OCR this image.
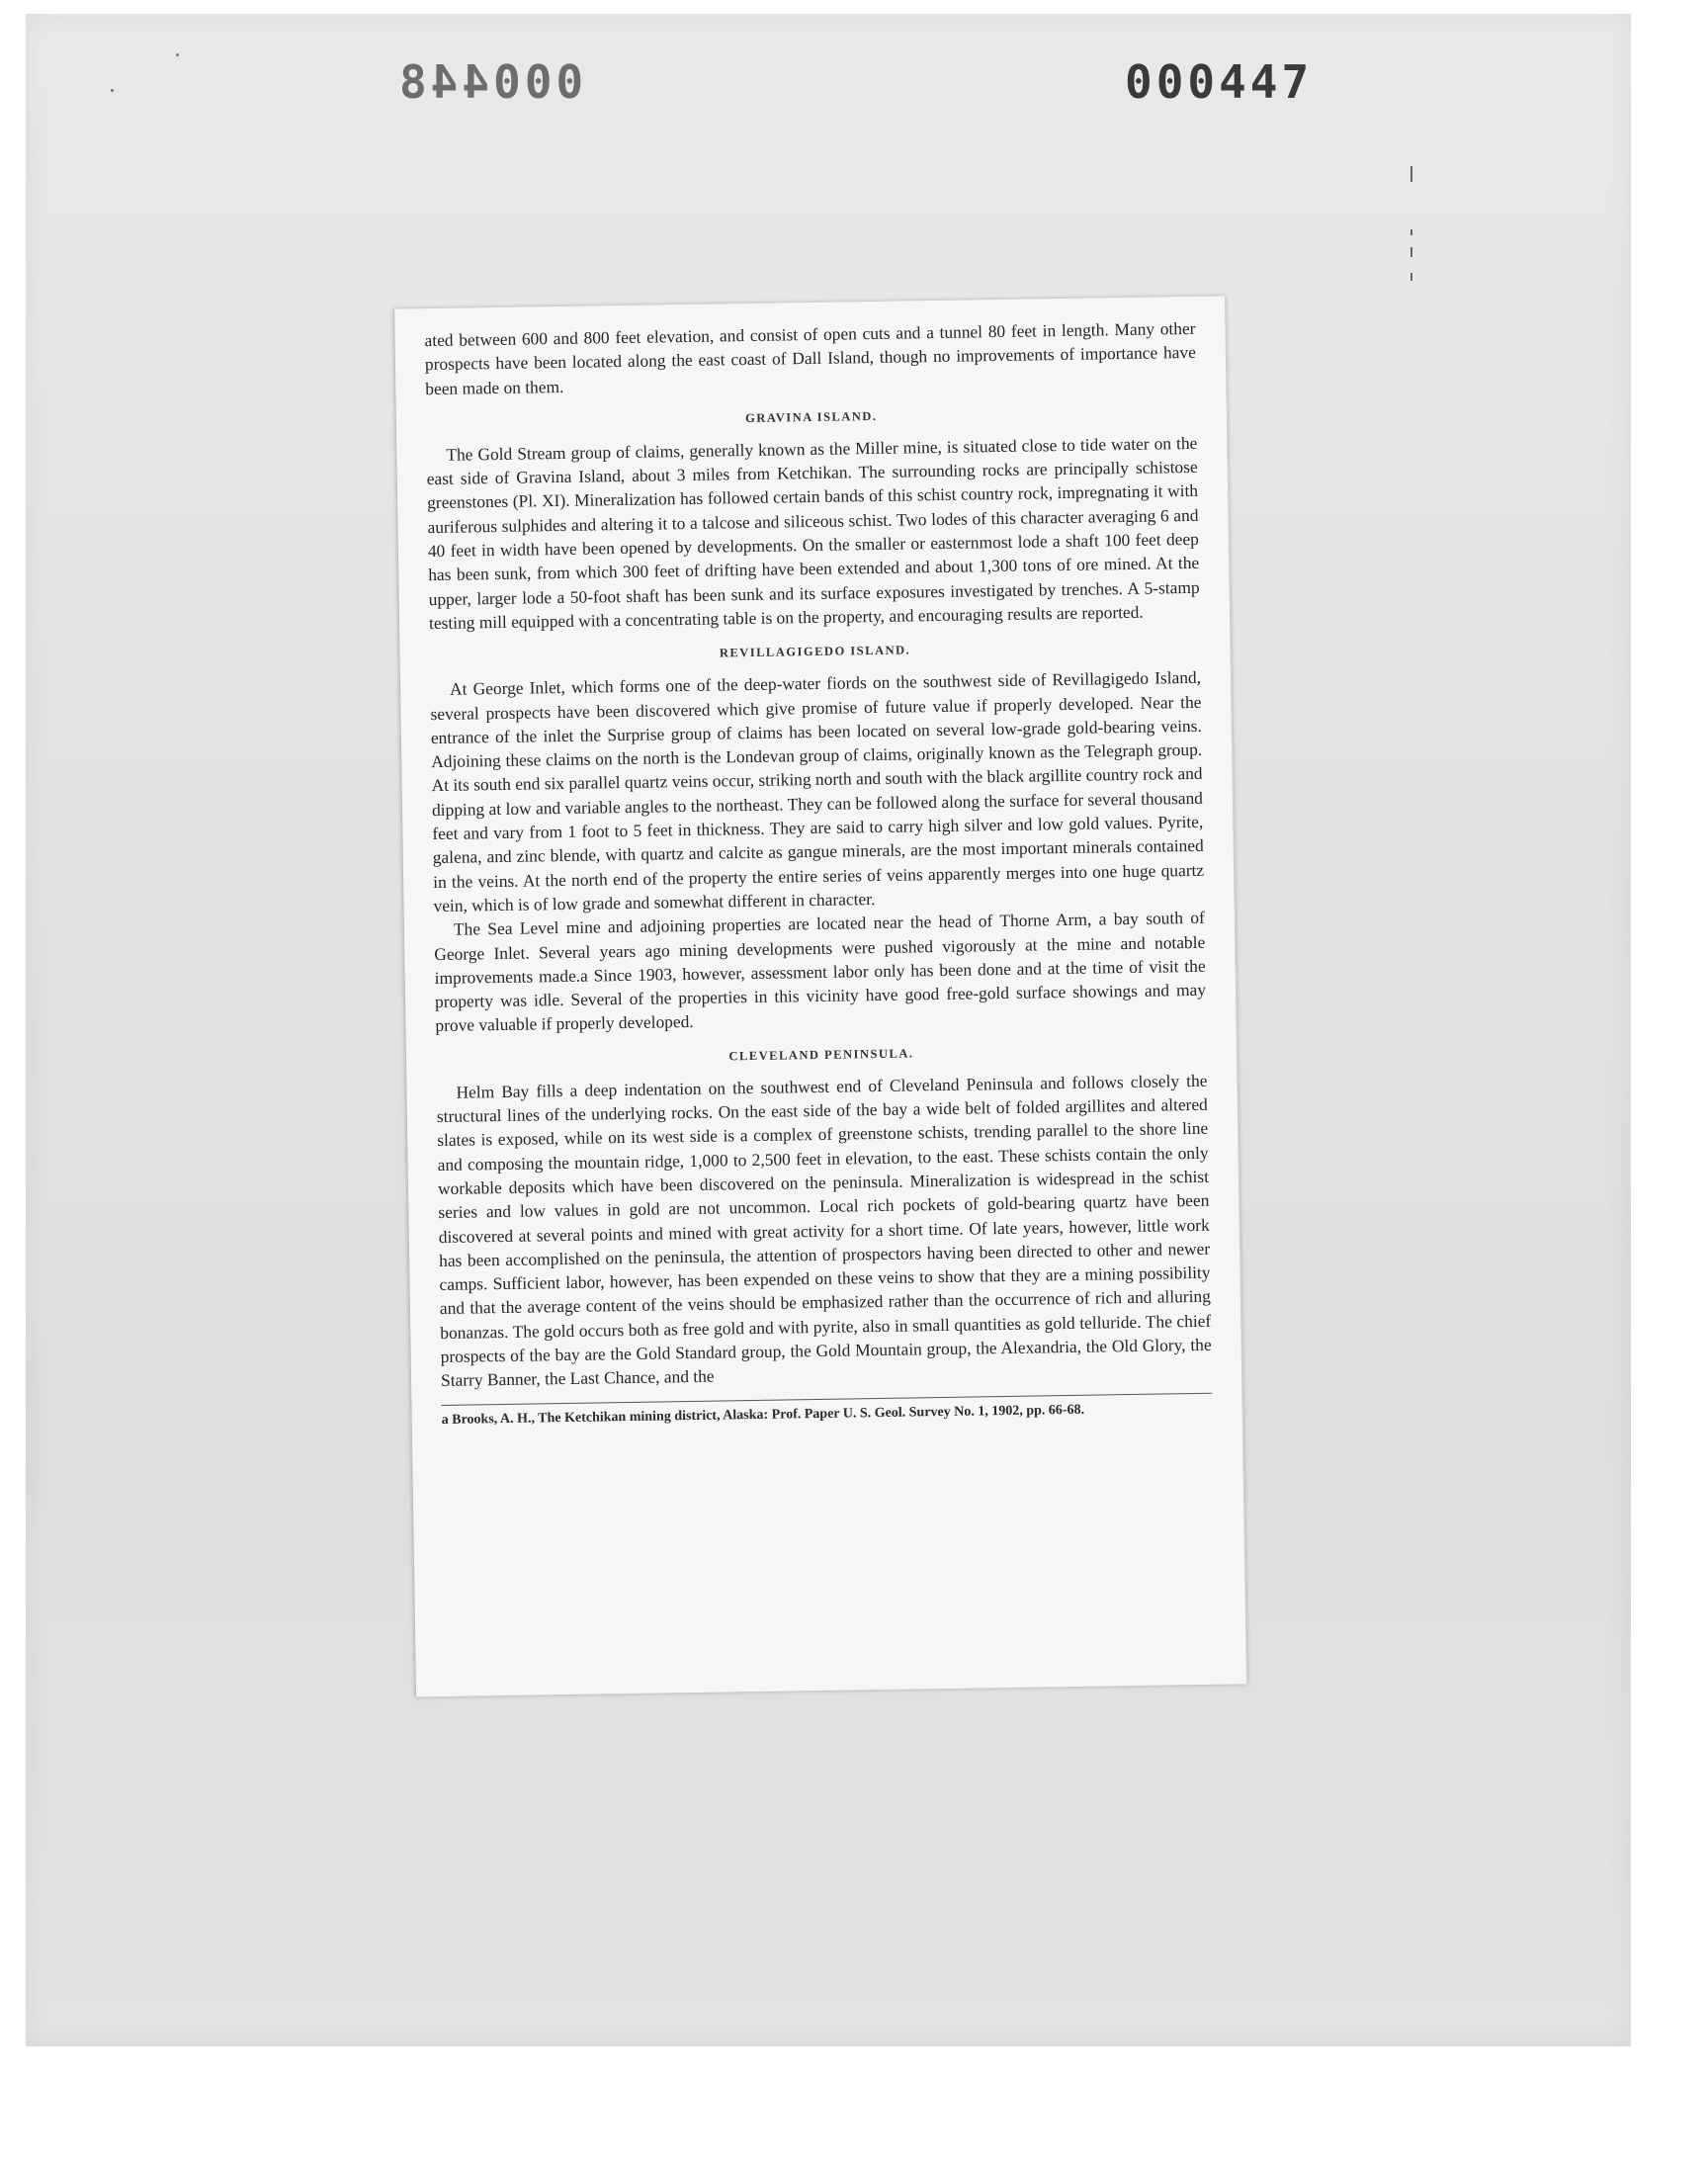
000448	000447

ated between 600 and 800 feet elevation, and consist of open cuts and a tunnel 80 feet in length. Many other prospects have been located along the east coast of Dall Island, though no improvements of importance have been made on them.

GRAVINA ISLAND.

The Gold Stream group of claims, generally known as the Miller mine, is situated close to tide water on the east side of Gravina Island, about 3 miles from Ketchikan. The surrounding rocks are principally schistose greenstones (Pl. XI). Mineralization has followed certain bands of this schist country rock, impregnating it with auriferous sulphides and altering it to a talcose and siliceous schist. Two lodes of this character averaging 6 and 40 feet in width have been opened by developments. On the smaller or easternmost lode a shaft 100 feet deep has been sunk, from which 300 feet of drifting have been extended and about 1,300 tons of ore mined. At the upper, larger lode a 50-foot shaft has been sunk and its surface exposures investigated by trenches. A 5-stamp testing mill equipped with a concentrating table is on the property, and encouraging results are reported.

REVILLAGIGEDO ISLAND.

At George Inlet, which forms one of the deep-water fiords on the southwest side of Revillagigedo Island, several prospects have been discovered which give promise of future value if properly developed. Near the entrance of the inlet the Surprise group of claims has been located on several low-grade gold-bearing veins. Adjoining these claims on the north is the Londevan group of claims, originally known as the Telegraph group. At its south end six parallel quartz veins occur, striking north and south with the black argillite country rock and dipping at low and variable angles to the northeast. They can be followed along the surface for several thousand feet and vary from 1 foot to 5 feet in thickness. They are said to carry high silver and low gold values. Pyrite, galena, and zinc blende, with quartz and calcite as gangue minerals, are the most important minerals contained in the veins. At the north end of the property the entire series of veins apparently merges into one huge quartz vein, which is of low grade and somewhat different in character.

The Sea Level mine and adjoining properties are located near the head of Thorne Arm, a bay south of George Inlet. Several years ago mining developments were pushed vigorously at the mine and notable improvements made.a Since 1903, however, assessment labor only has been done and at the time of visit the property was idle. Several of the properties in this vicinity have good free-gold surface showings and may prove valuable if properly developed.

CLEVELAND PENINSULA.

Helm Bay fills a deep indentation on the southwest end of Cleveland Peninsula and follows closely the structural lines of the underlying rocks. On the east side of the bay a wide belt of folded argillites and altered slates is exposed, while on its west side is a complex of greenstone schists, trending parallel to the shore line and composing the mountain ridge, 1,000 to 2,500 feet in elevation, to the east. These schists contain the only workable deposits which have been discovered on the peninsula. Mineralization is widespread in the schist series and low values in gold are not uncommon. Local rich pockets of gold-bearing quartz have been discovered at several points and mined with great activity for a short time. Of late years, however, little work has been accomplished on the peninsula, the attention of prospectors having been directed to other and newer camps. Sufficient labor, however, has been expended on these veins to show that they are a mining possibility and that the average content of the veins should be emphasized rather than the occurrence of rich and alluring bonanzas. The gold occurs both as free gold and with pyrite, also in small quantities as gold telluride. The chief prospects of the bay are the Gold Standard group, the Gold Mountain group, the Alexandria, the Old Glory, the Starry Banner, the Last Chance, and the

a Brooks, A. H., The Ketchikan mining district, Alaska: Prof. Paper U. S. Geol. Survey No. 1, 1902, pp. 66-68.
